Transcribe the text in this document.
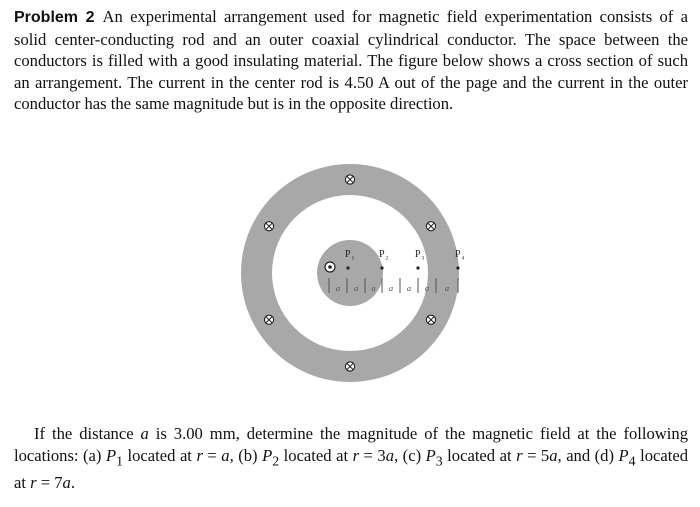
Problem 2 An experimental arrangement used for magnetic field experimentation consists of a solid center-conducting rod and an outer coaxial cylindrical conductor. The space between the conductors is filled with a good insulating material. The figure below shows a cross section of such an arrangement. The current in the center rod is 4.50 A out of the page and the current in the outer conductor has the same magnitude but is in the opposite direction.

P 1 P 2	P 3	P 4
a a a a a a a

If the distance a is 3.00 mm, determine the magnitude of the magnetic field at the following locations: (a) $P_1$ located at r = a, (b) $P_2$ located at r = 3a, (c) $P_3$ located at r = 5a, and (d) $P_4$ located at r = 7a.
